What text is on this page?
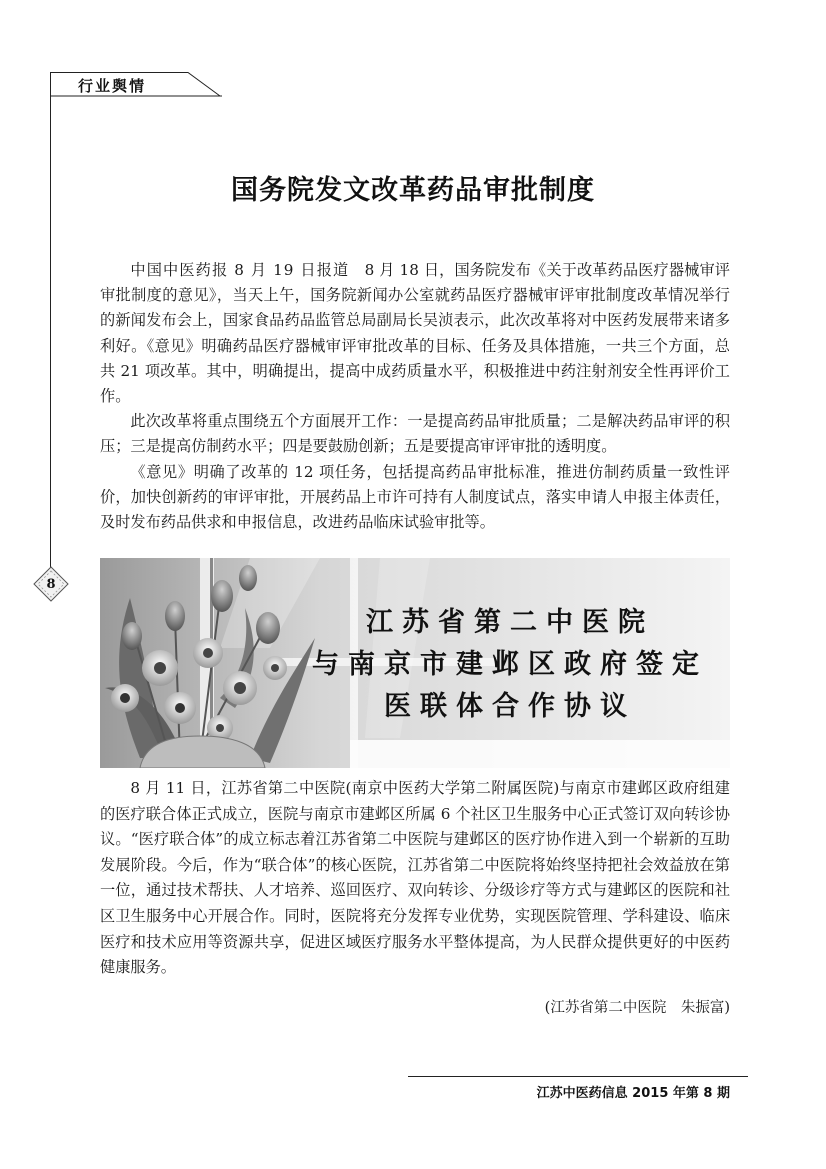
行业舆情
8
国务院发文改革药品审批制度

中国中医药报 8 月 19 日报道　 8 月 18 日，国务院发布《关于改革药品医疗器械审评审批制度的意见》，当天上午，国务院新闻办公室就药品医疗器械审评审批制度改革情况举行的新闻发布会上，国家食品药品监管总局副局长吴浈表示，此次改革将对中医药发展带来诸多利好。《意见》明确药品医疗器械审评审批改革的目标、任务及具体措施，一共三个方面，总共 21 项改革。其中，明确提出，提高中成药质量水平，积极推进中药注射剂安全性再评价工作。

此次改革将重点围绕五个方面展开工作：一是提高药品审批质量；二是解决药品审评的积压；三是提高仿制药水平；四是要鼓励创新；五是要提高审评审批的透明度。

《意见》明确了改革的 12 项任务，包括提高药品审批标准，推进仿制药质量一致性评价，加快创新药的审评审批，开展药品上市许可持有人制度试点，落实申请人申报主体责任，及时发布药品供求和申报信息，改进药品临床试验审批等。

江苏省第二中医院
与南京市建邺区政府签定
医联体合作协议

8 月 11 日，江苏省第二中医院(南京中医药大学第二附属医院)与南京市建邺区政府组建的医疗联合体正式成立，医院与南京市建邺区所属 6 个社区卫生服务中心正式签订双向转诊协议。“医疗联合体”的成立标志着江苏省第二中医院与建邺区的医疗协作进入到一个崭新的互助发展阶段。今后，作为“联合体”的核心医院，江苏省第二中医院将始终坚持把社会效益放在第一位，通过技术帮扶、人才培养、巡回医疗、双向转诊、分级诊疗等方式与建邺区的医院和社区卫生服务中心开展合作。同时，医院将充分发挥专业优势，实现医院管理、学科建设、临床医疗和技术应用等资源共享，促进区域医疗服务水平整体提高，为人民群众提供更好的中医药健康服务。

(江苏省第二中医院　朱振富)
江苏中医药信息 2015 年第 8 期
